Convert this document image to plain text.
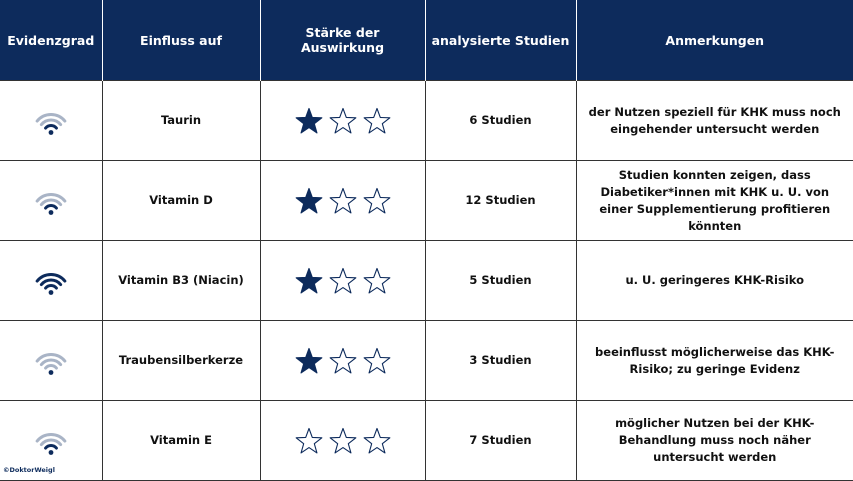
Evidenzgrad	Einfluss auf	Stärke der Auswirkung	analysierte Studien	Anmerkungen

	Taurin		6 Studien	der Nutzen speziell für KHK muss noch eingehender untersucht werden

	Vitamin D		12 Studien	Studien konnten zeigen, dass Diabetiker*innen mit KHK u. U. von einer Supplementierung profitieren könnten

	Vitamin B3 (Niacin)		5 Studien	u. U. geringeres KHK-Risiko

	Traubensilberkerze		3 Studien	beeinflusst möglicherweise das KHK-Risiko; zu geringe Evidenz

	Vitamin E		7 Studien	möglicher Nutzen bei der KHK-Behandlung muss noch näher untersucht werden
©DoktorWeigl
